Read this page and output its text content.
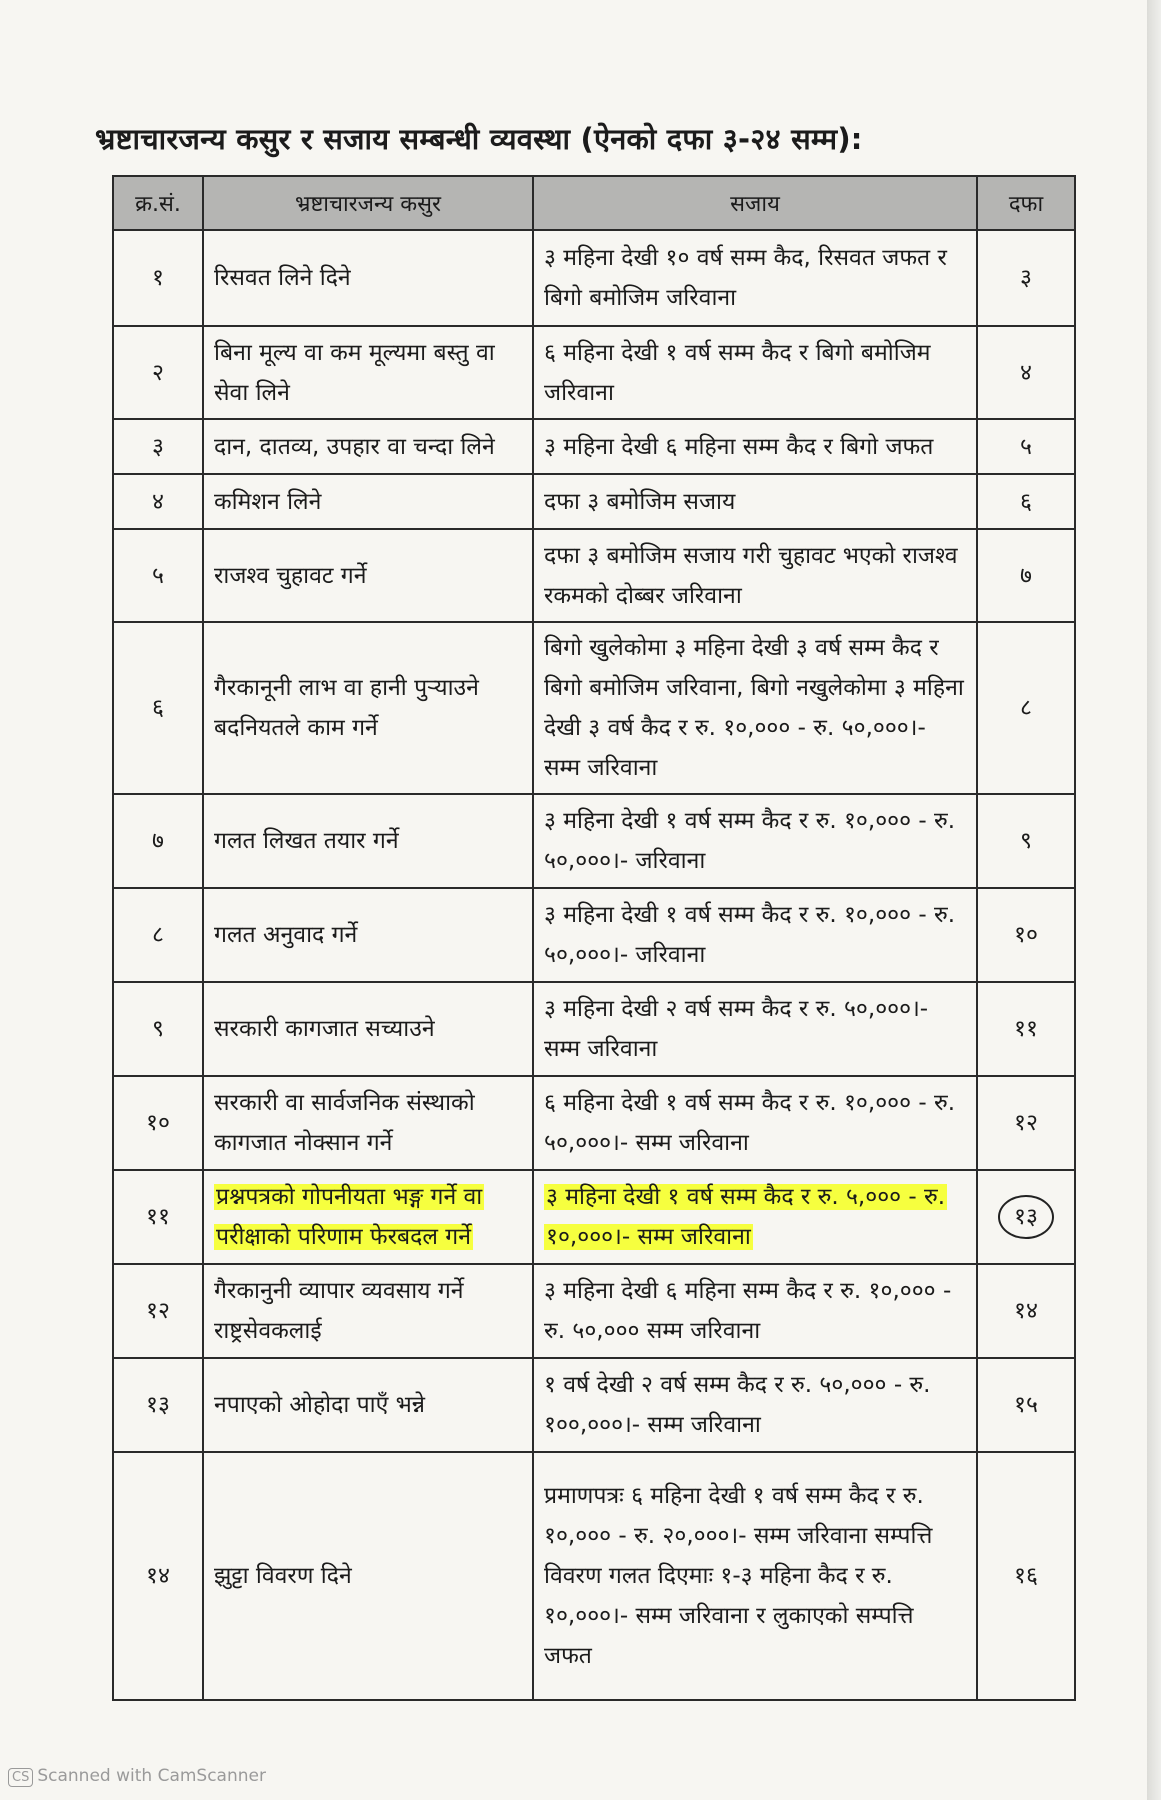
भ्रष्टाचारजन्य कसुर र सजाय सम्बन्धी व्यवस्था (ऐनको दफा ३-२४ सम्म):
क्र.सं.	भ्रष्टाचारजन्य कसुर	सजाय	दफा
१	रिसवत लिने दिने	३ महिना देखी १० वर्ष सम्म कैद, रिसवत जफत र बिगो बमोजिम जरिवाना	३
२	बिना मूल्य वा कम मूल्यमा बस्तु वा सेवा लिने	६ महिना देखी १ वर्ष सम्म कैद र बिगो बमोजिम जरिवाना	४
३	दान, दातव्य, उपहार वा चन्दा लिने	३ महिना देखी ६ महिना सम्म कैद र बिगो जफत	५
४	कमिशन लिने	दफा ३ बमोजिम सजाय	६
५	राजश्व चुहावट गर्ने	दफा ३ बमोजिम सजाय गरी चुहावट भएको राजश्व रकमको दोब्बर जरिवाना	७
६	गैरकानूनी लाभ वा हानी पुऱ्याउने बदनियतले काम गर्ने	बिगो खुलेकोमा ३ महिना देखी ३ वर्ष सम्म कैद र बिगो बमोजिम जरिवाना, बिगो नखुलेकोमा ३ महिना देखी ३ वर्ष कैद र रु. १०,००० - रु. ५०,०००।- सम्म जरिवाना	८
७	गलत लिखत तयार गर्ने	३ महिना देखी १ वर्ष सम्म कैद र रु. १०,००० - रु. ५०,०००।- जरिवाना	९
८	गलत अनुवाद गर्ने	३ महिना देखी १ वर्ष सम्म कैद र रु. १०,००० - रु. ५०,०००।- जरिवाना	१०
९	सरकारी कागजात सच्याउने	३ महिना देखी २ वर्ष सम्म कैद र रु. ५०,०००।- सम्म जरिवाना	११
१०	सरकारी वा सार्वजनिक संस्थाको कागजात नोक्सान गर्ने	६ महिना देखी १ वर्ष सम्म कैद र रु. १०,००० - रु. ५०,०००।- सम्म जरिवाना	१२
११	प्रश्नपत्रको गोपनीयता भङ्ग गर्ने वा परीक्षाको परिणाम फेरबदल गर्ने	३ महिना देखी १ वर्ष सम्म कैद र रु. ५,००० - रु. १०,०००।- सम्म जरिवाना	१३
१२	गैरकानुनी व्यापार व्यवसाय गर्ने राष्ट्रसेवकलाई	३ महिना देखी ६ महिना सम्म कैद र रु. १०,००० - रु. ५०,००० सम्म जरिवाना	१४
१३	नपाएको ओहोदा पाएँ भन्ने	१ वर्ष देखी २ वर्ष सम्म कैद र रु. ५०,००० - रु. १००,०००।- सम्म जरिवाना	१५
१४	झुट्टा विवरण दिने	प्रमाणपत्रः ६ महिना देखी १ वर्ष सम्म कैद र रु. १०,००० - रु. २०,०००।- सम्म जरिवाना सम्पत्ति विवरण गलत दिएमाः १-३ महिना कैद र रु. १०,०००।- सम्म जरिवाना र लुकाएको सम्पत्ति जफत	१६
CS Scanned with CamScanner
